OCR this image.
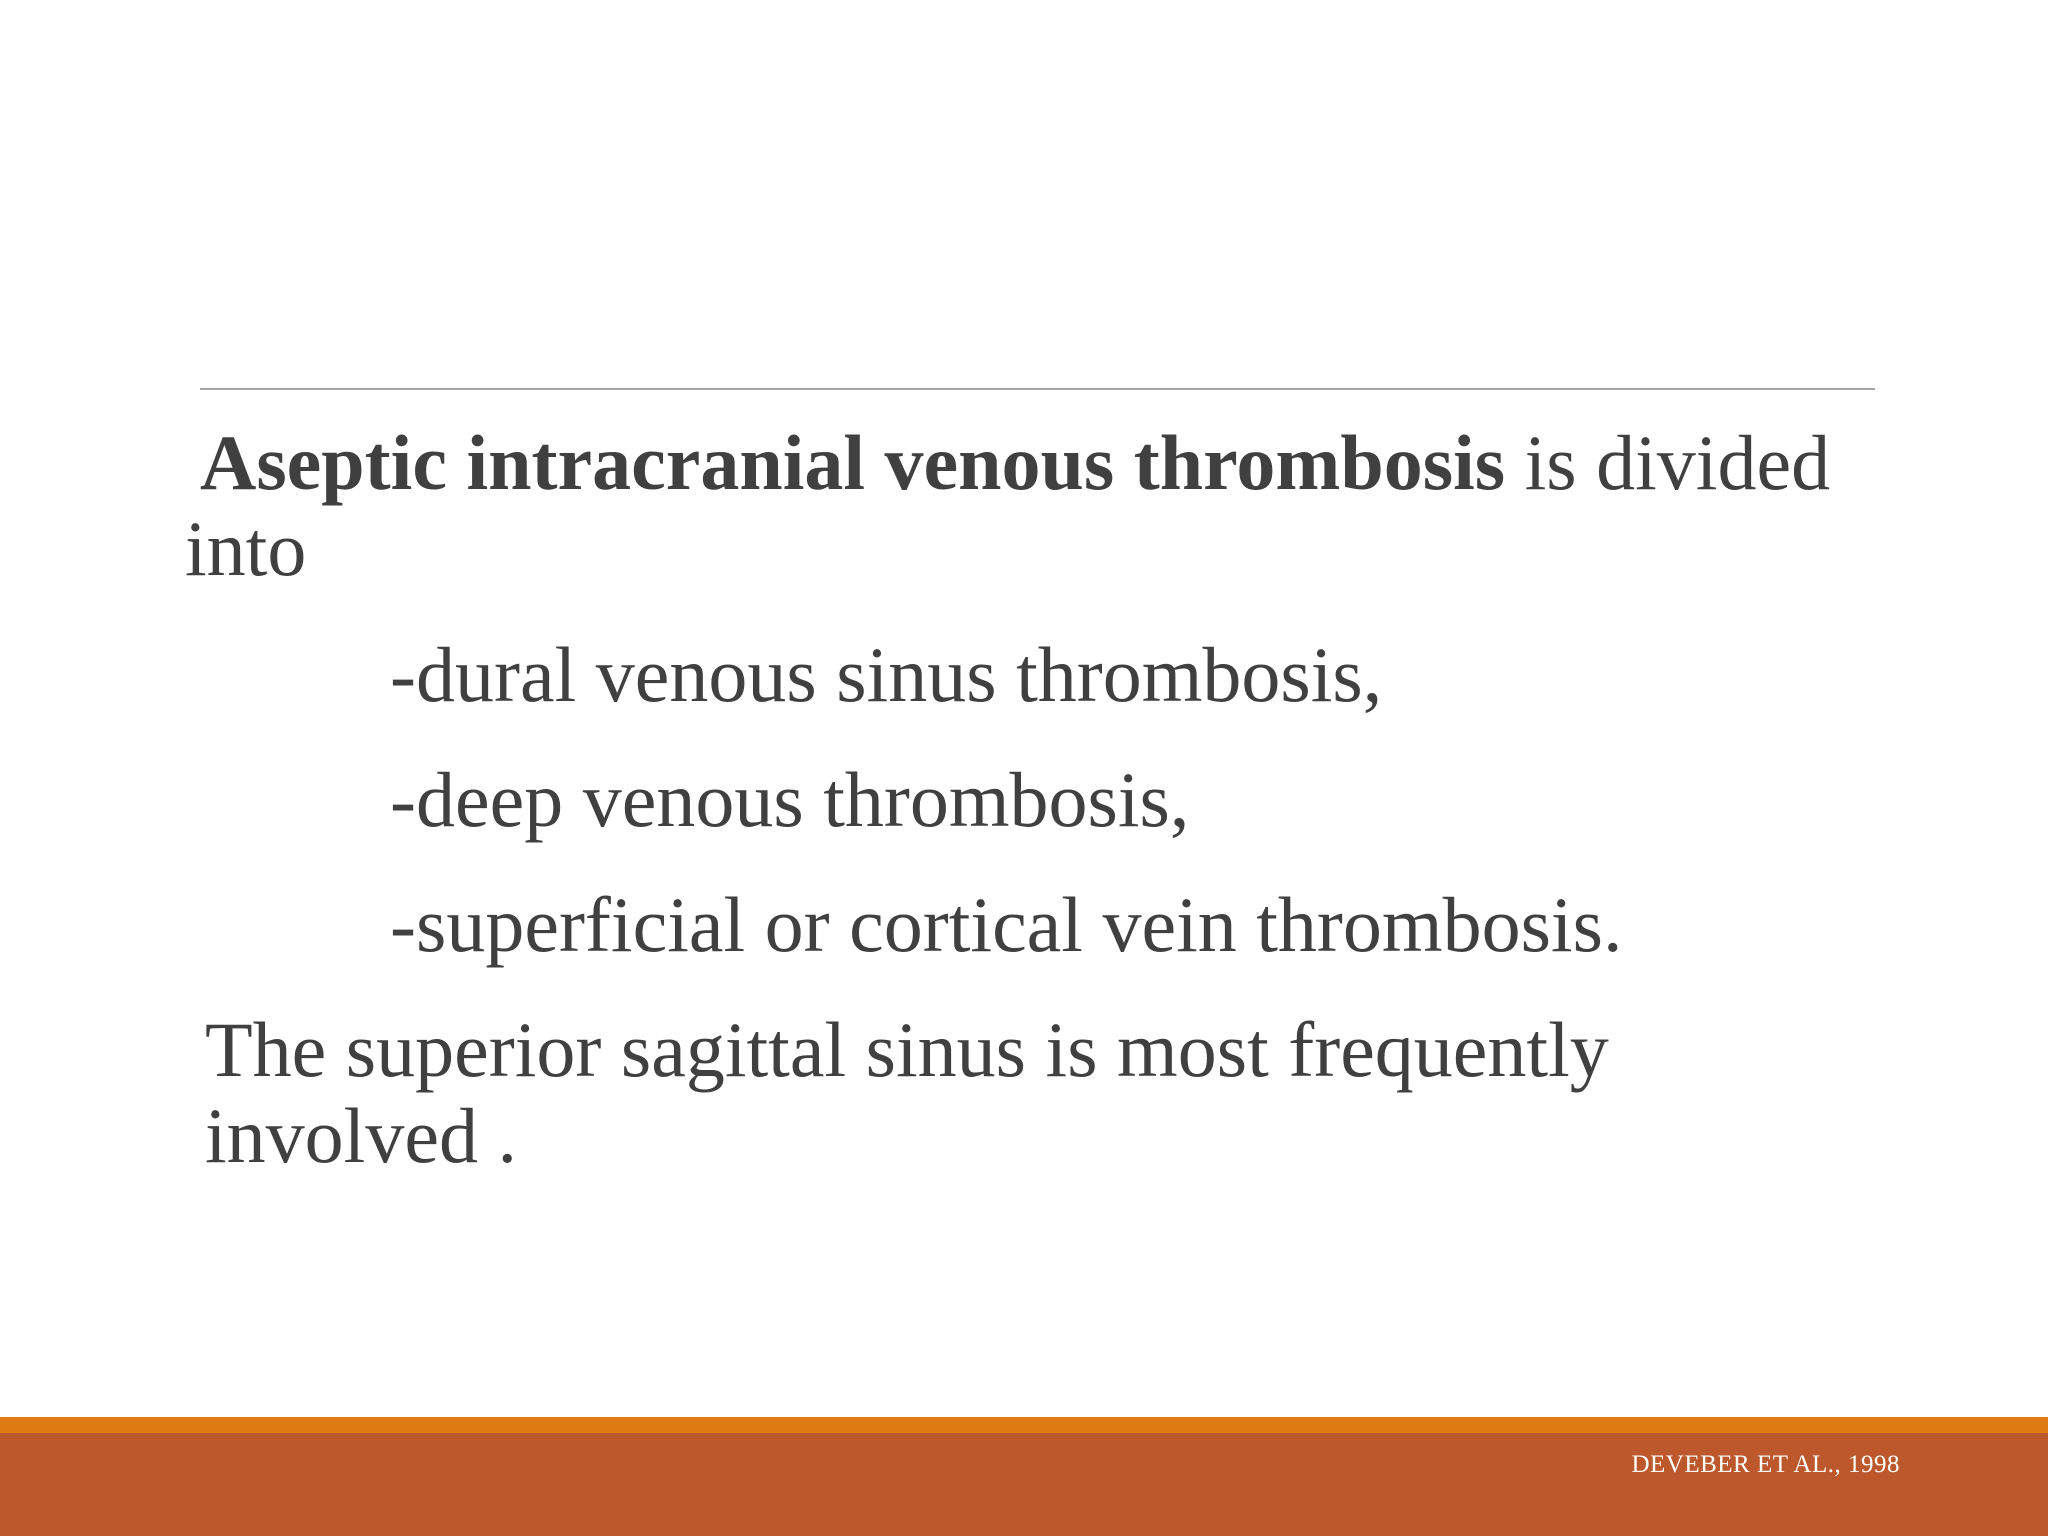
Aseptic intracranial venous thrombosis is divided into

-dural venous sinus thrombosis,
-deep venous thrombosis,
-superficial or cortical vein thrombosis.

The superior sagittal sinus is most frequently involved .

DEVEBER ET AL., 1998
